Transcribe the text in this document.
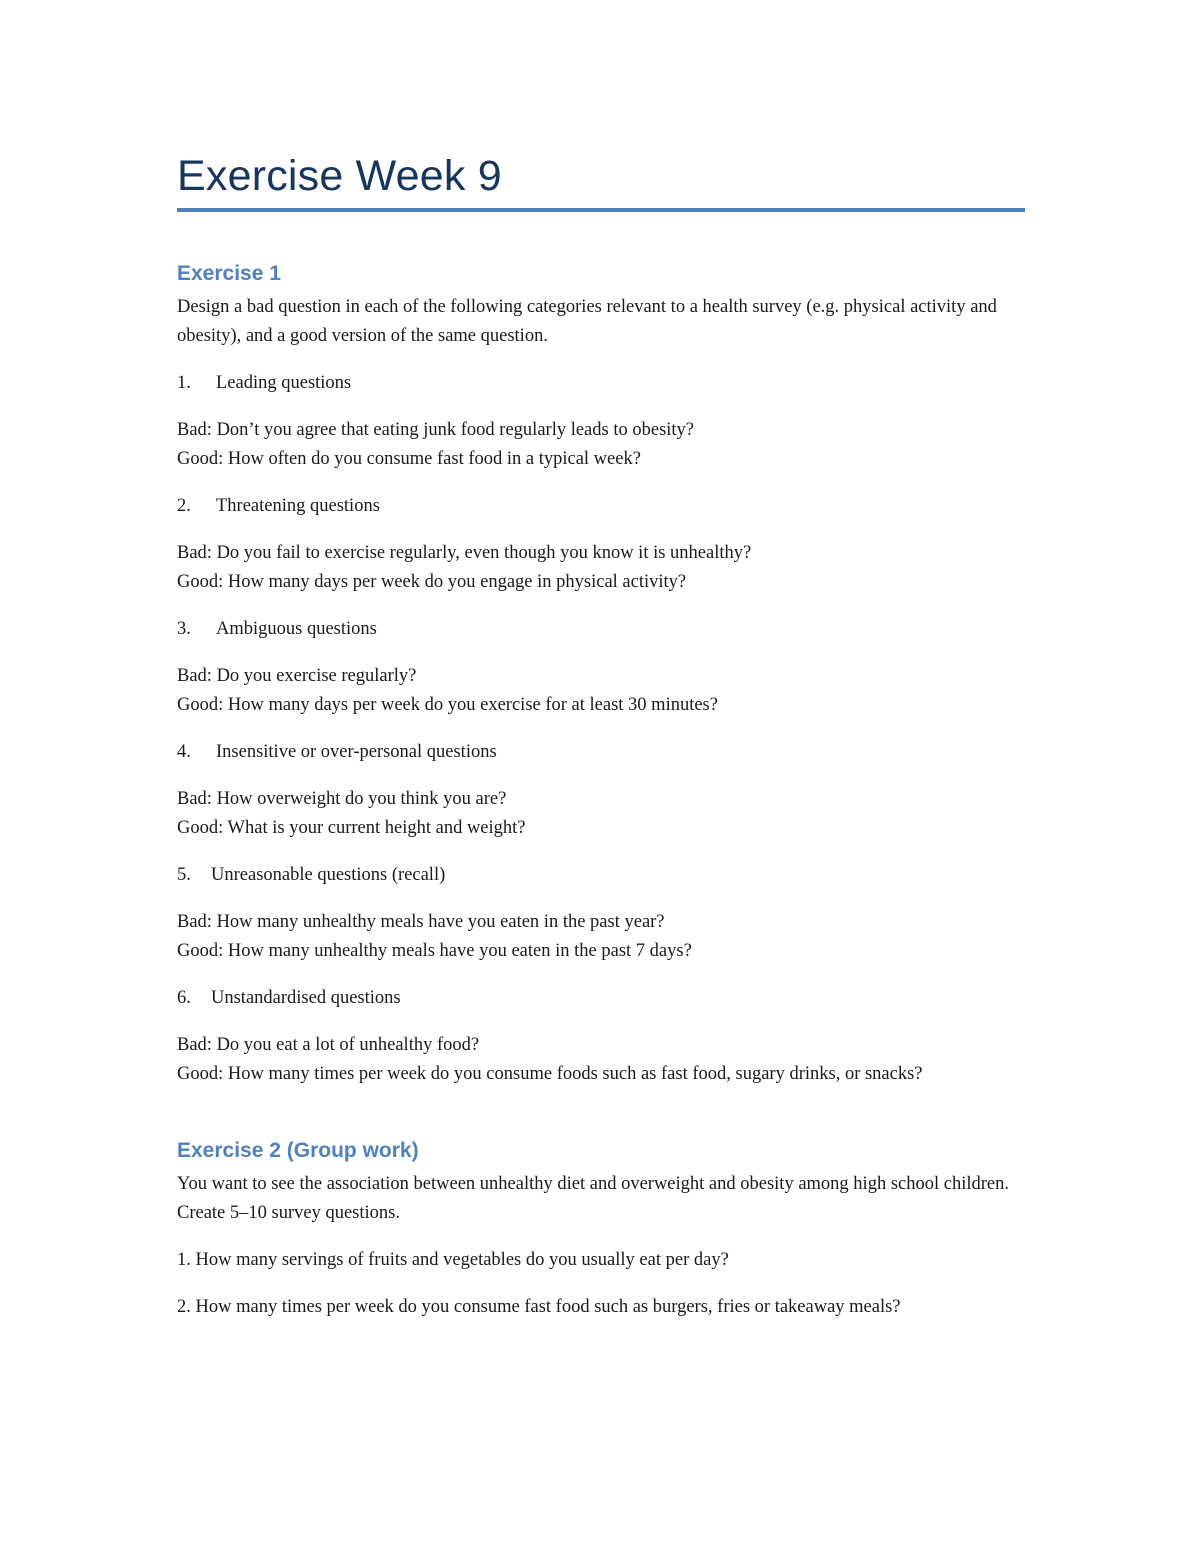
Exercise Week 9
Exercise 1

Design a bad question in each of the following categories relevant to a health survey (e.g. physical activity and obesity), and a good version of the same question.

1.	Leading questions

Bad: Don’t you agree that eating junk food regularly leads to obesity?

Good: How often do you consume fast food in a typical week?

2.	Threatening questions

Bad: Do you fail to exercise regularly, even though you know it is unhealthy?

Good: How many days per week do you engage in physical activity?

3.	Ambiguous questions

Bad: Do you exercise regularly?

Good: How many days per week do you exercise for at least 30 minutes?

4.	Insensitive or over-personal questions

Bad: How overweight do you think you are?

Good: What is your current height and weight?

5.	Unreasonable questions (recall)

Bad: How many unhealthy meals have you eaten in the past year?

Good: How many unhealthy meals have you eaten in the past 7 days?

6.	Unstandardised questions

Bad: Do you eat a lot of unhealthy food?

Good: How many times per week do you consume foods such as fast food, sugary drinks, or snacks?

Exercise 2 (Group work)

You want to see the association between unhealthy diet and overweight and obesity among high school children. Create 5–10 survey questions.

1. How many servings of fruits and vegetables do you usually eat per day?

2. How many times per week do you consume fast food such as burgers, fries or takeaway meals?
